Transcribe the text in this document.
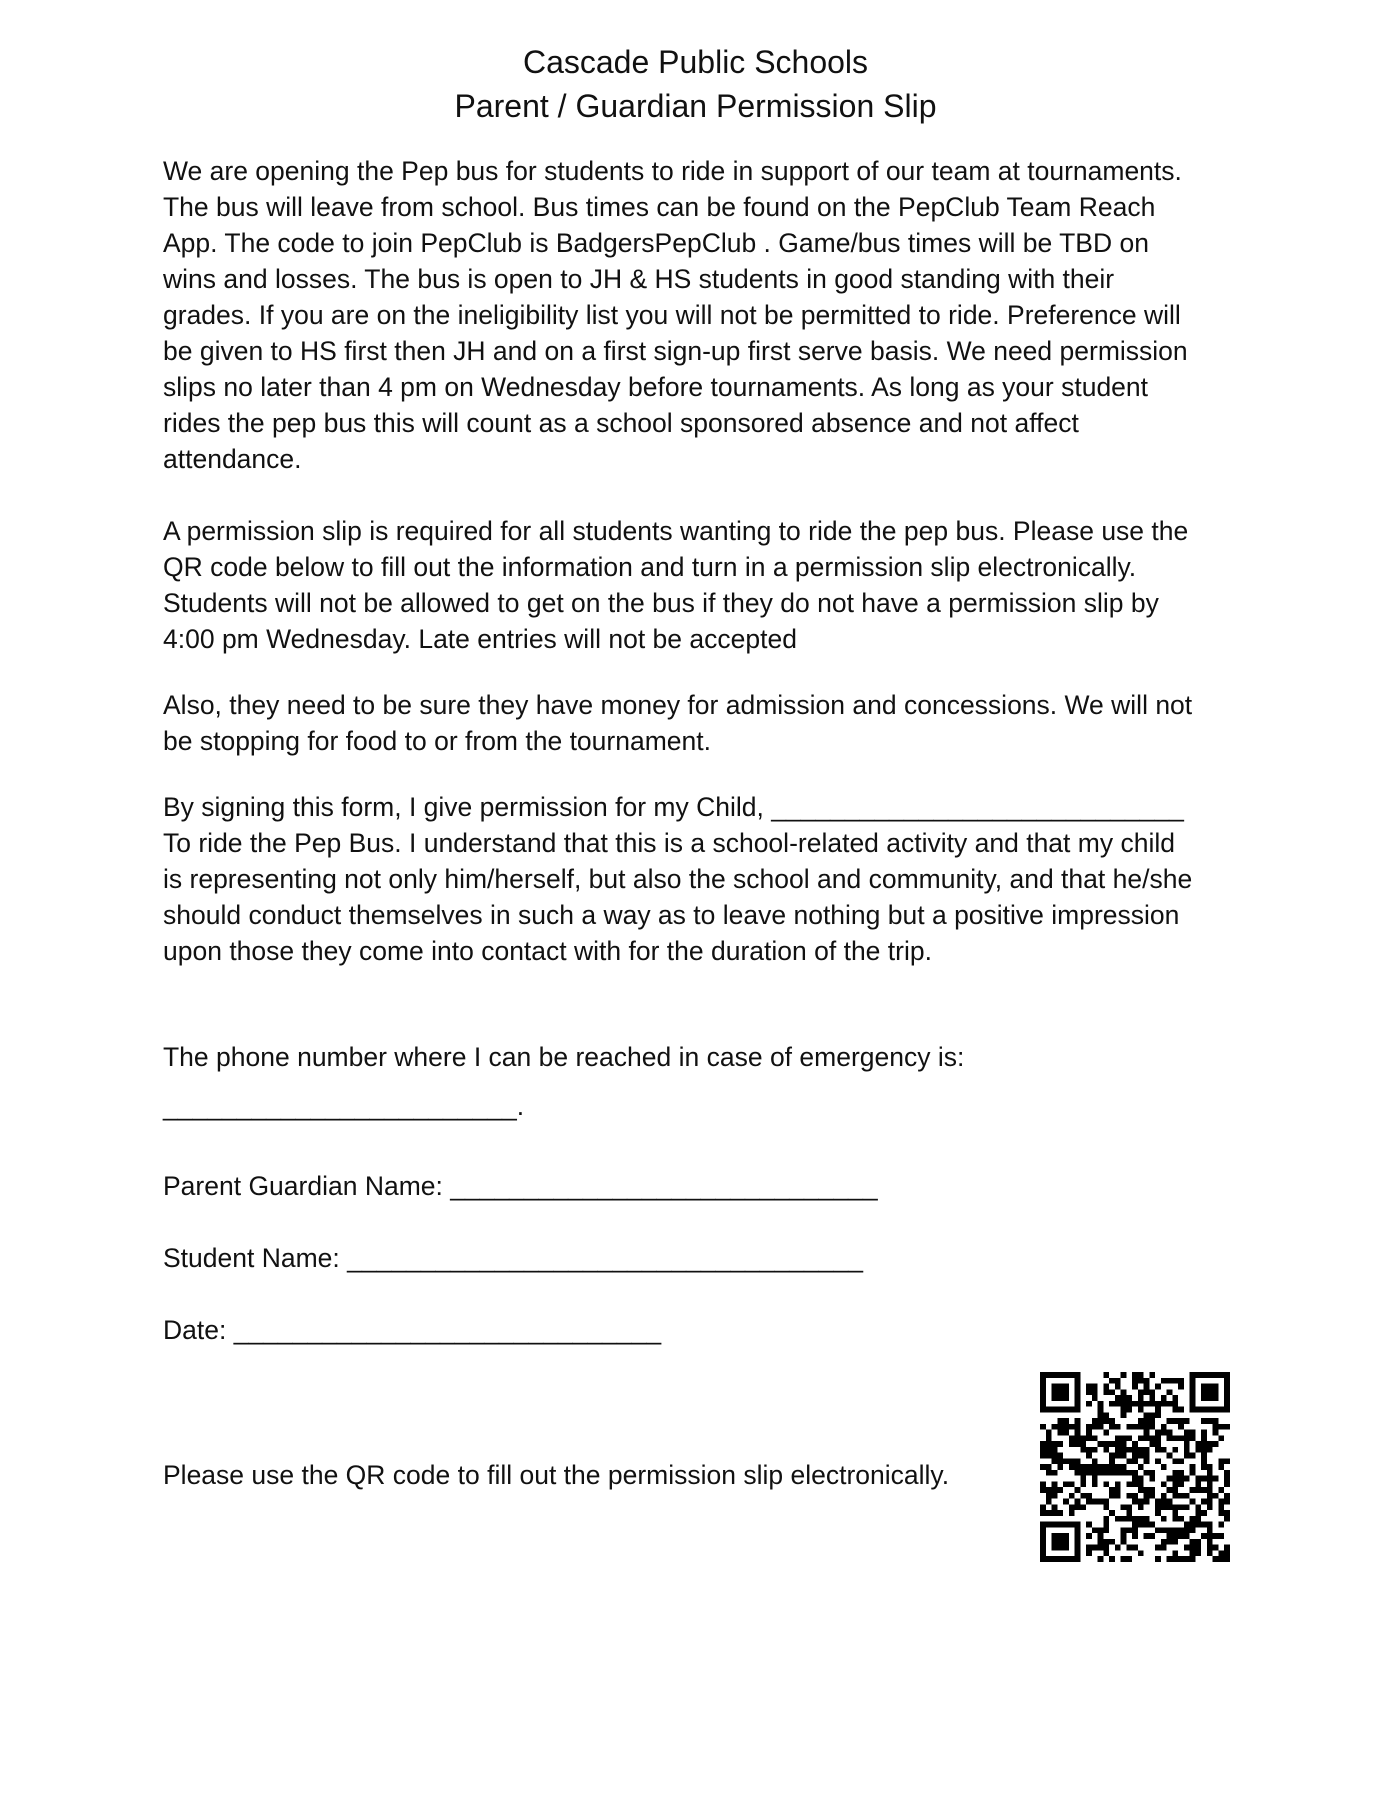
Cascade Public Schools
Parent / Guardian Permission Slip
We are opening the Pep bus for students to ride in support of our team at tournaments.
The bus will leave from school. Bus times can be found on the PepClub Team Reach
App. The code to join PepClub is BadgersPepClub . Game/bus times will be TBD on
wins and losses. The bus is open to JH & HS students in good standing with their
grades. If you are on the ineligibility list you will not be permitted to ride. Preference will
be given to HS first then JH and on a first sign-up first serve basis. We need permission
slips no later than 4 pm on Wednesday before tournaments. As long as your student
rides the pep bus this will count as a school sponsored absence and not affect
attendance.
A permission slip is required for all students wanting to ride the pep bus. Please use the
QR code below to fill out the information and turn in a permission slip electronically.
Students will not be allowed to get on the bus if they do not have a permission slip by
4:00 pm Wednesday. Late entries will not be accepted
Also, they need to be sure they have money for admission and concessions. We will not
be stopping for food to or from the tournament.
By signing this form, I give permission for my Child, ____________________________
To ride the Pep Bus. I understand that this is a school-related activity and that my child
is representing not only him/herself, but also the school and community, and that he/she
should conduct themselves in such a way as to leave nothing but a positive impression
upon those they come into contact with for the duration of the trip.
The phone number where I can be reached in case of emergency is:
________________________.
Parent Guardian Name: _____________________________
Student Name: ___________________________________
Date: _____________________________
Please use the QR code to fill out the permission slip electronically.
